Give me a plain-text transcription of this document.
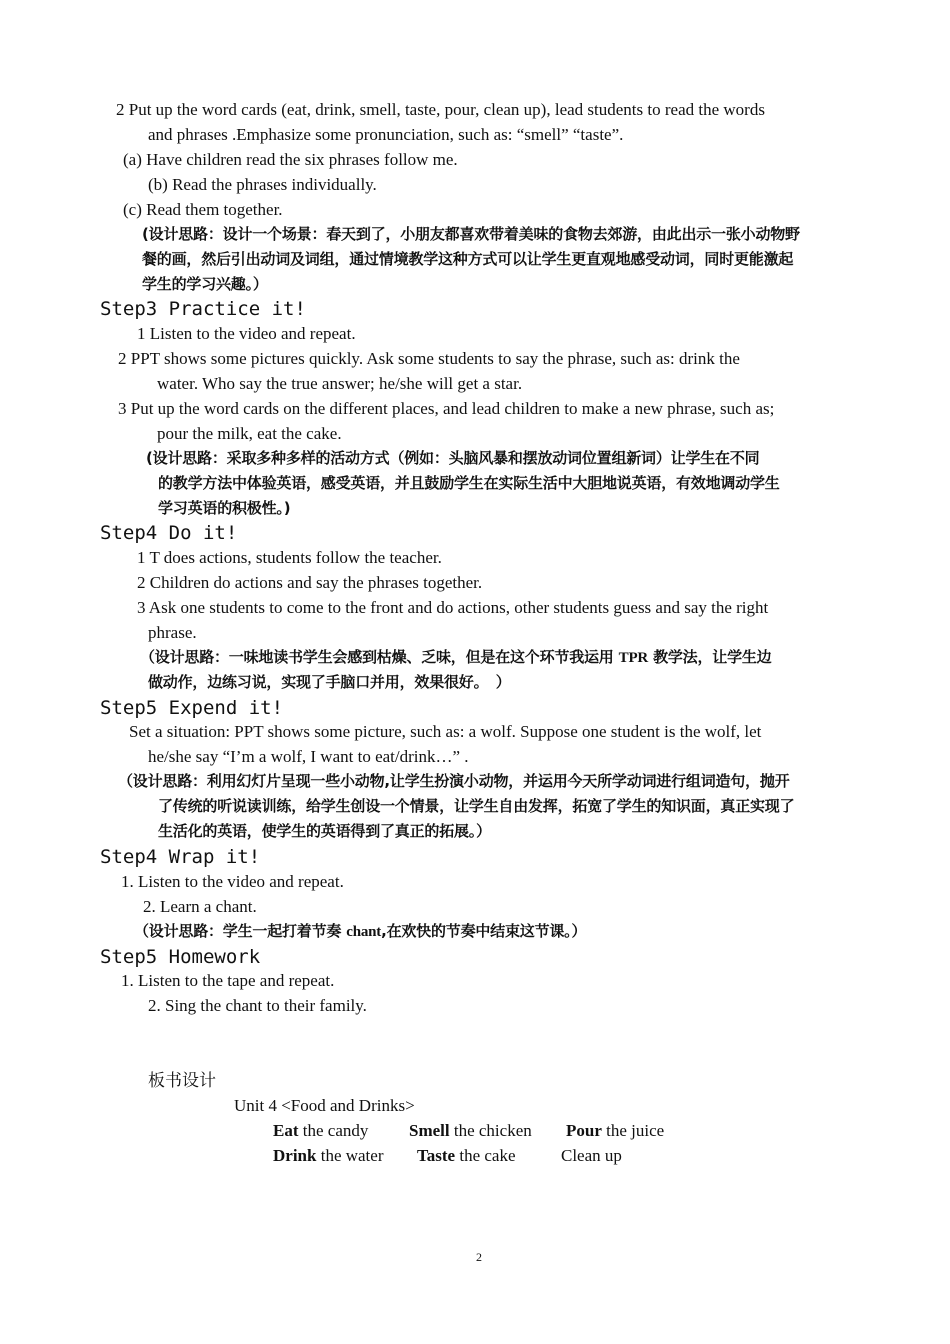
2 Put up the word cards (eat, drink, smell, taste, pour, clean up), lead students to read the words
and phrases .Emphasize some pronunciation, such as: “smell” “taste”.
(a) Have children read the six phrases follow me.
(b) Read the phrases individually.
(c) Read them together.
(设计思路：设计一个场景：春天到了，小朋友都喜欢带着美味的食物去郊游，由此出示一张小动物野
餐的画，然后引出动词及词组，通过情境教学这种方式可以让学生更直观地感受动词，同时更能激起
学生的学习兴趣。）
Step3 Practice it!
1 Listen to the video and repeat.
2 PPT shows some pictures quickly. Ask some students to say the phrase, such as: drink the
water. Who say the true answer; he/she will get a star.
3 Put up the word cards on the different places, and lead children to make a new phrase, such as;
pour the milk, eat the cake.
(设计思路：采取多种多样的活动方式（例如：头脑风暴和摆放动词位置组新词）让学生在不同
的教学方法中体验英语，感受英语，并且鼓励学生在实际生活中大胆地说英语，有效地调动学生
学习英语的积极性。)
Step4 Do it!
1 T does actions, students follow the teacher.
2 Children do actions and say the phrases together.
3 Ask one students to come to the front and do actions, other students guess and say the right
phrase.
（设计思路：一味地读书学生会感到枯燥、乏味，但是在这个环节我运用 TPR 教学法，让学生边
做动作，边练习说，实现了手脑口并用，效果很好。　）
Step5 Expend it!
Set a situation: PPT shows some picture, such as: a wolf. Suppose one student is the wolf, let
he/she say “I’m a wolf, I want to eat/drink…” .
（设计思路：利用幻灯片呈现一些小动物,让学生扮演小动物，并运用今天所学动词进行组词造句，抛开
了传统的听说读训练，给学生创设一个情景，让学生自由发挥，拓宽了学生的知识面，真正实现了
生活化的英语，使学生的英语得到了真正的拓展。）
Step4 Wrap it!
1. Listen to the video and repeat.
2. Learn a chant.
（设计思路：学生一起打着节奏 chant,在欢快的节奏中结束这节课。）
Step5 Homework
1. Listen to the tape and repeat.
2. Sing the chant to their family.
板书设计
Unit 4 <Food and Drinks>
Eat the candy Smell the chicken Pour the juice
Drink the water Taste the cake	Clean up
2
